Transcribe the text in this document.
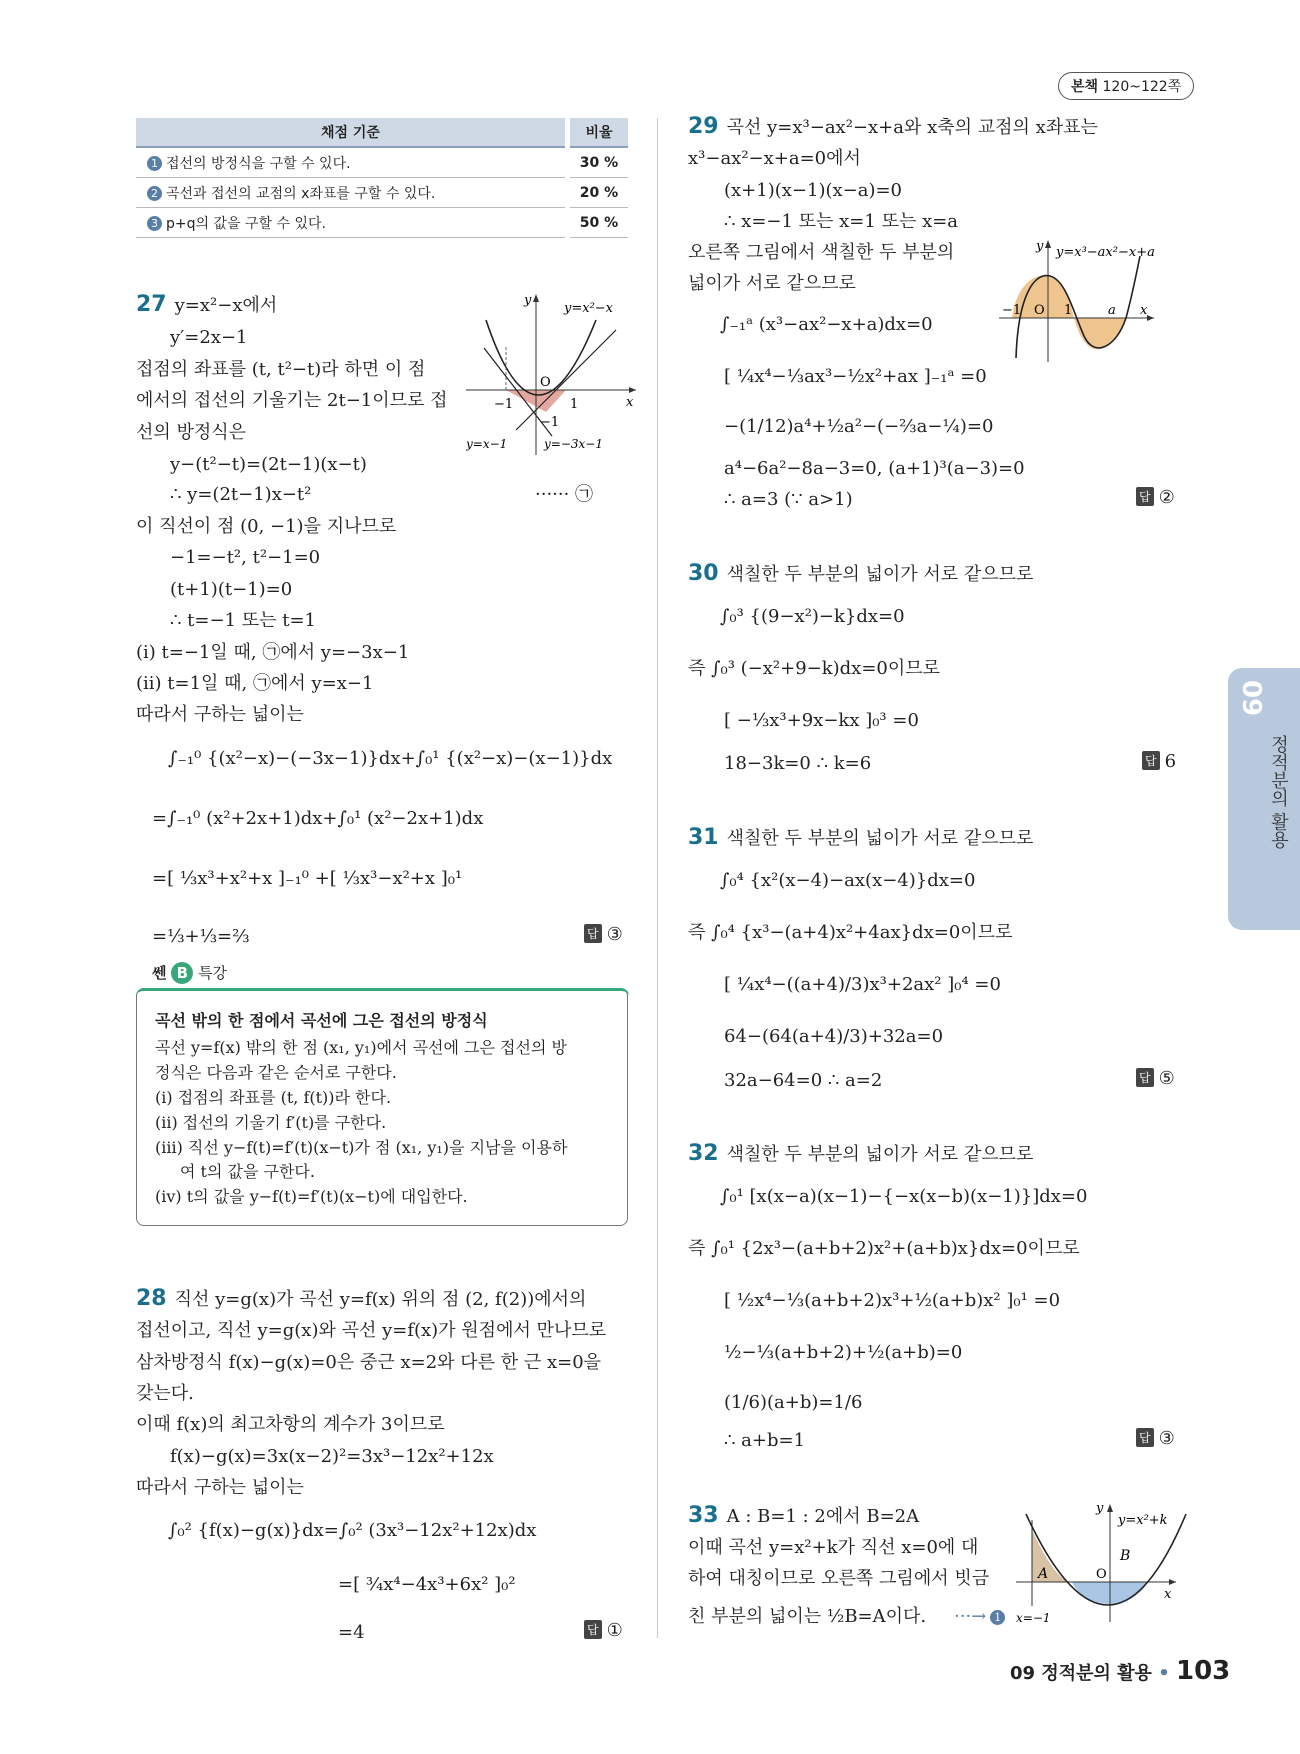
본책 120~122쪽
채점 기준		비율
1 접선의 방정식을 구할 수 있다.		30 %
2 곡선과 접선의 교점의 x좌표를 구할 수 있다.		20 %
3 p+q의 값을 구할 수 있다.		50 %
27 y=x²−x에서
y′=2x−1
접점의 좌표를 (t, t²−t)라 하면 이 점
에서의 접선의 기울기는 2t−1이므로 접
선의 방정식은
y−(t²−t)=(2t−1)(x−t)
∴ y=(2t−1)x−t²	······ ㉠
이 직선이 점 (0, −1)을 지나므로
−1=−t², t²−1=0
(t+1)(t−1)=0
∴ t=−1 또는 t=1
(i) t=−1일 때, ㉠에서 y=−3x−1
(ii) t=1일 때, ㉠에서 y=x−1
따라서 구하는 넓이는
∫₋₁⁰ {(x²−x)−(−3x−1)}dx+∫₀¹ {(x²−x)−(x−1)}dx
=∫₋₁⁰ (x²+2x+1)dx+∫₀¹ (x²−2x+1)dx
=[ ⅓x³+x²+x ]₋₁⁰ +[ ⅓x³−x²+x ]₀¹
=⅓+⅓=⅔	답 ③
−1
O
1	x
y
−1
y=x²−x
y=x−1	y=−3x−1
쎈 B 특강
곡선 밖의 한 점에서 곡선에 그은 접선의 방정식
곡선 y=f(x) 밖의 한 점 (x₁, y₁)에서 곡선에 그은 접선의 방
정식은 다음과 같은 순서로 구한다.
(i) 접점의 좌표를 (t, f(t))라 한다.
(ii) 접선의 기울기 f′(t)를 구한다.
(iii) 직선 y−f(t)=f′(t)(x−t)가 점 (x₁, y₁)을 지남을 이용하
여 t의 값을 구한다.
(iv) t의 값을 y−f(t)=f′(t)(x−t)에 대입한다.
28 직선 y=g(x)가 곡선 y=f(x) 위의 점 (2, f(2))에서의
접선이고, 직선 y=g(x)와 곡선 y=f(x)가 원점에서 만나므로
삼차방정식 f(x)−g(x)=0은 중근 x=2와 다른 한 근 x=0을
갖는다.
이때 f(x)의 최고차항의 계수가 3이므로
f(x)−g(x)=3x(x−2)²=3x³−12x²+12x
따라서 구하는 넓이는
∫₀² {f(x)−g(x)}dx=∫₀² (3x³−12x²+12x)dx
=[ ¾x⁴−4x³+6x² ]₀²
=4	답 ①
29 곡선 y=x³−ax²−x+a와 x축의 교점의 x좌표는
x³−ax²−x+a=0에서
(x+1)(x−1)(x−a)=0
∴ x=−1 또는 x=1 또는 x=a
오른쪽 그림에서 색칠한 두 부분의
넓이가 서로 같으므로
∫₋₁ᵃ (x³−ax²−x+a)dx=0
[ ¼x⁴−⅓ax³−½x²+ax ]₋₁ᵃ =0
−(1/12)a⁴+½a²−(−⅔a−¼)=0
a⁴−6a²−8a−3=0, (a+1)³(a−3)=0
∴ a=3 (∵ a>1)	답 ②
−1 O 1	a x
y y=x³−ax²−x+a
30 색칠한 두 부분의 넓이가 서로 같으므로
∫₀³ {(9−x²)−k}dx=0
즉 ∫₀³ (−x²+9−k)dx=0이므로
[ −⅓x³+9x−kx ]₀³ =0
18−3k=0 ∴ k=6	답 6
31 색칠한 두 부분의 넓이가 서로 같으므로
∫₀⁴ {x²(x−4)−ax(x−4)}dx=0
즉 ∫₀⁴ {x³−(a+4)x²+4ax}dx=0이므로
[ ¼x⁴−((a+4)/3)x³+2ax² ]₀⁴ =0
64−(64(a+4)/3)+32a=0
32a−64=0 ∴ a=2	답 ⑤
32 색칠한 두 부분의 넓이가 서로 같으므로
∫₀¹ [x(x−a)(x−1)−{−x(x−b)(x−1)}]dx=0
즉 ∫₀¹ {2x³−(a+b+2)x²+(a+b)x}dx=0이므로
[ ½x⁴−⅓(a+b+2)x³+½(a+b)x² ]₀¹ =0
½−⅓(a+b+2)+½(a+b)=0
(1/6)(a+b)=1/6
∴ a+b=1	답 ③
33 A : B=1 : 2에서 B=2A
이때 곡선 y=x²+k가 직선 x=0에 대
하여 대칭이므로 오른쪽 그림에서 빗금
친 부분의 넓이는 ½B=A이다. ···→ 1
A
B
O
x=−1
x
y
y=x²+k
09
정적분의 활용
09 정적분의 활용 • 103
